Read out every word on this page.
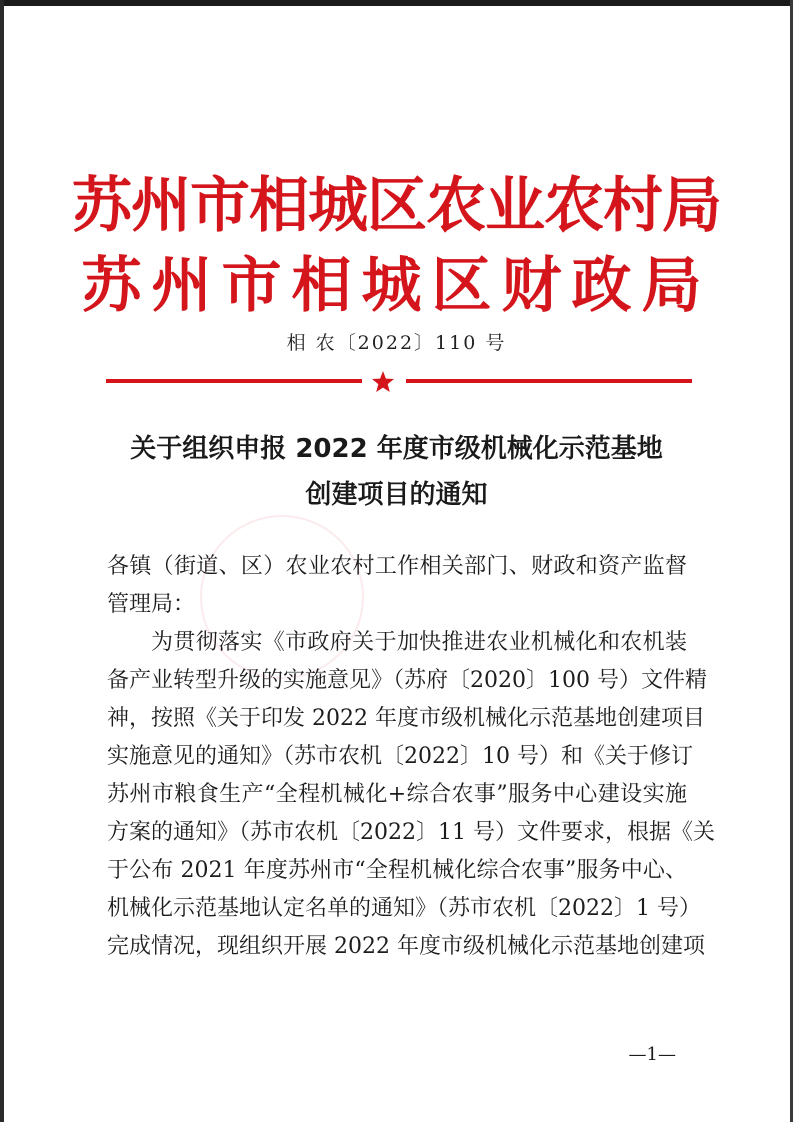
苏州市相城区农业农村局
苏州市相城区财政局
相 农〔2022〕110 号
关于组织申报 2022 年度市级机械化示范基地
创建项目的通知

各镇（街道、区）农业农村工作相关部门、财政和资产监督
管理局：

为贯彻落实《市政府关于加快推进农业机械化和农机装
备产业转型升级的实施意见》（苏府〔2020〕100 号）文件精
神，按照《关于印发 2022 年度市级机械化示范基地创建项目
实施意见的通知》（苏市农机〔2022〕10 号）和《关于修订
苏州市粮食生产“全程机械化+综合农事”服务中心建设实施
方案的通知》（苏市农机〔2022〕11 号）文件要求，根据《关
于公布 2021 年度苏州市“全程机械化综合农事”服务中心、
机械化示范基地认定名单的通知》（苏市农机〔2022〕1 号）
完成情况，现组织开展 2022 年度市级机械化示范基地创建项

—1—
